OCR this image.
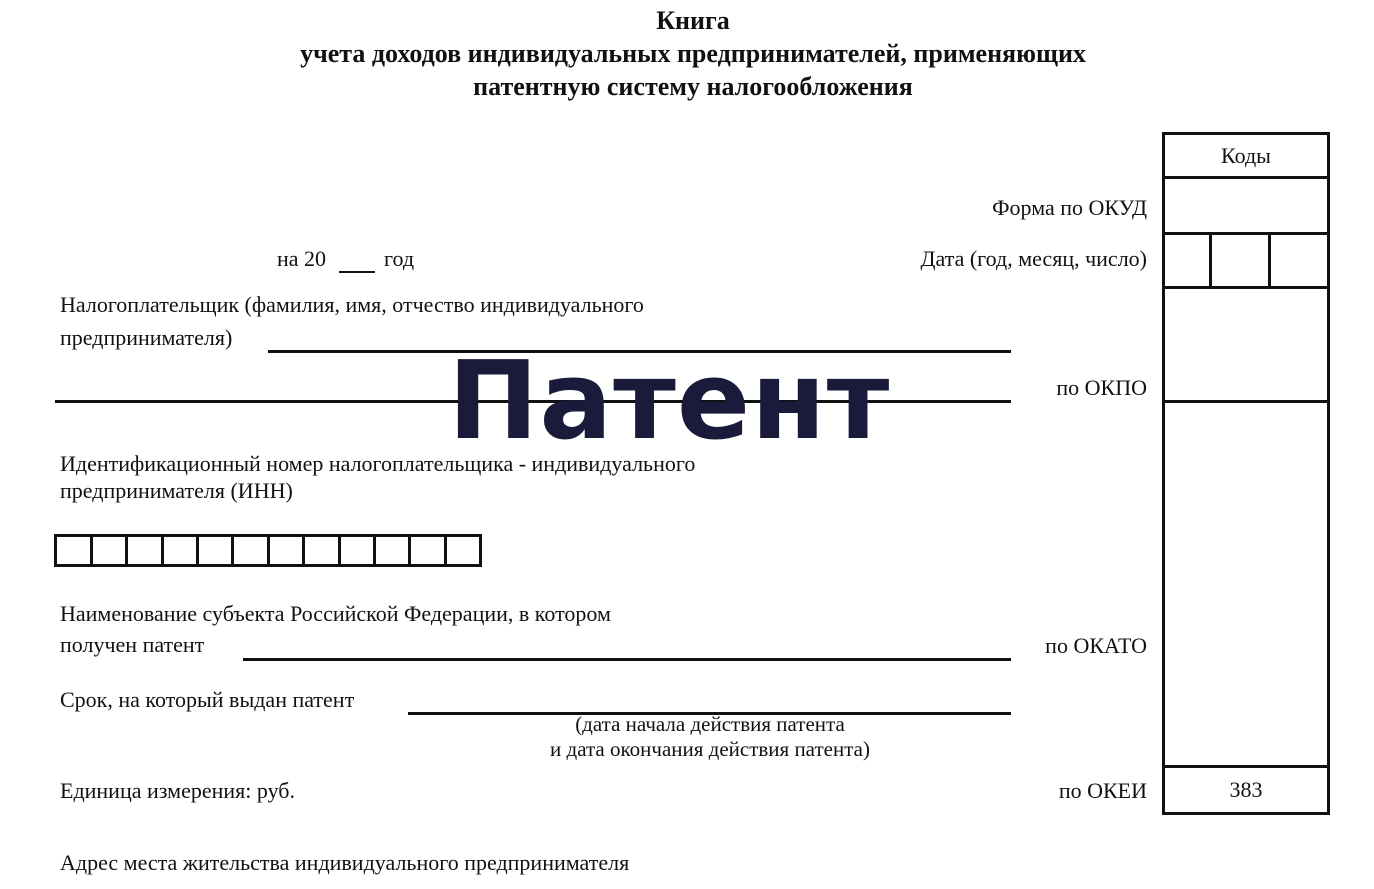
Книга
учета доходов индивидуальных предпринимателей, применяющих
патентную систему налогообложения
Коды
383
Форма по ОКУД
Дата (год, месяц, число)
по ОКПО
по ОКАТО
по ОКЕИ
на 20	год
Налогоплательщик (фамилия, имя, отчество индивидуального
предпринимателя)
Патент
Идентификационный номер налогоплательщика - индивидуального
предпринимателя (ИНН)
Наименование субъекта Российской Федерации, в котором
получен патент
Срок, на который выдан патент
(дата начала действия патента
и дата окончания действия патента)
Единица измерения: руб.
Адрес места жительства индивидуального предпринимателя
